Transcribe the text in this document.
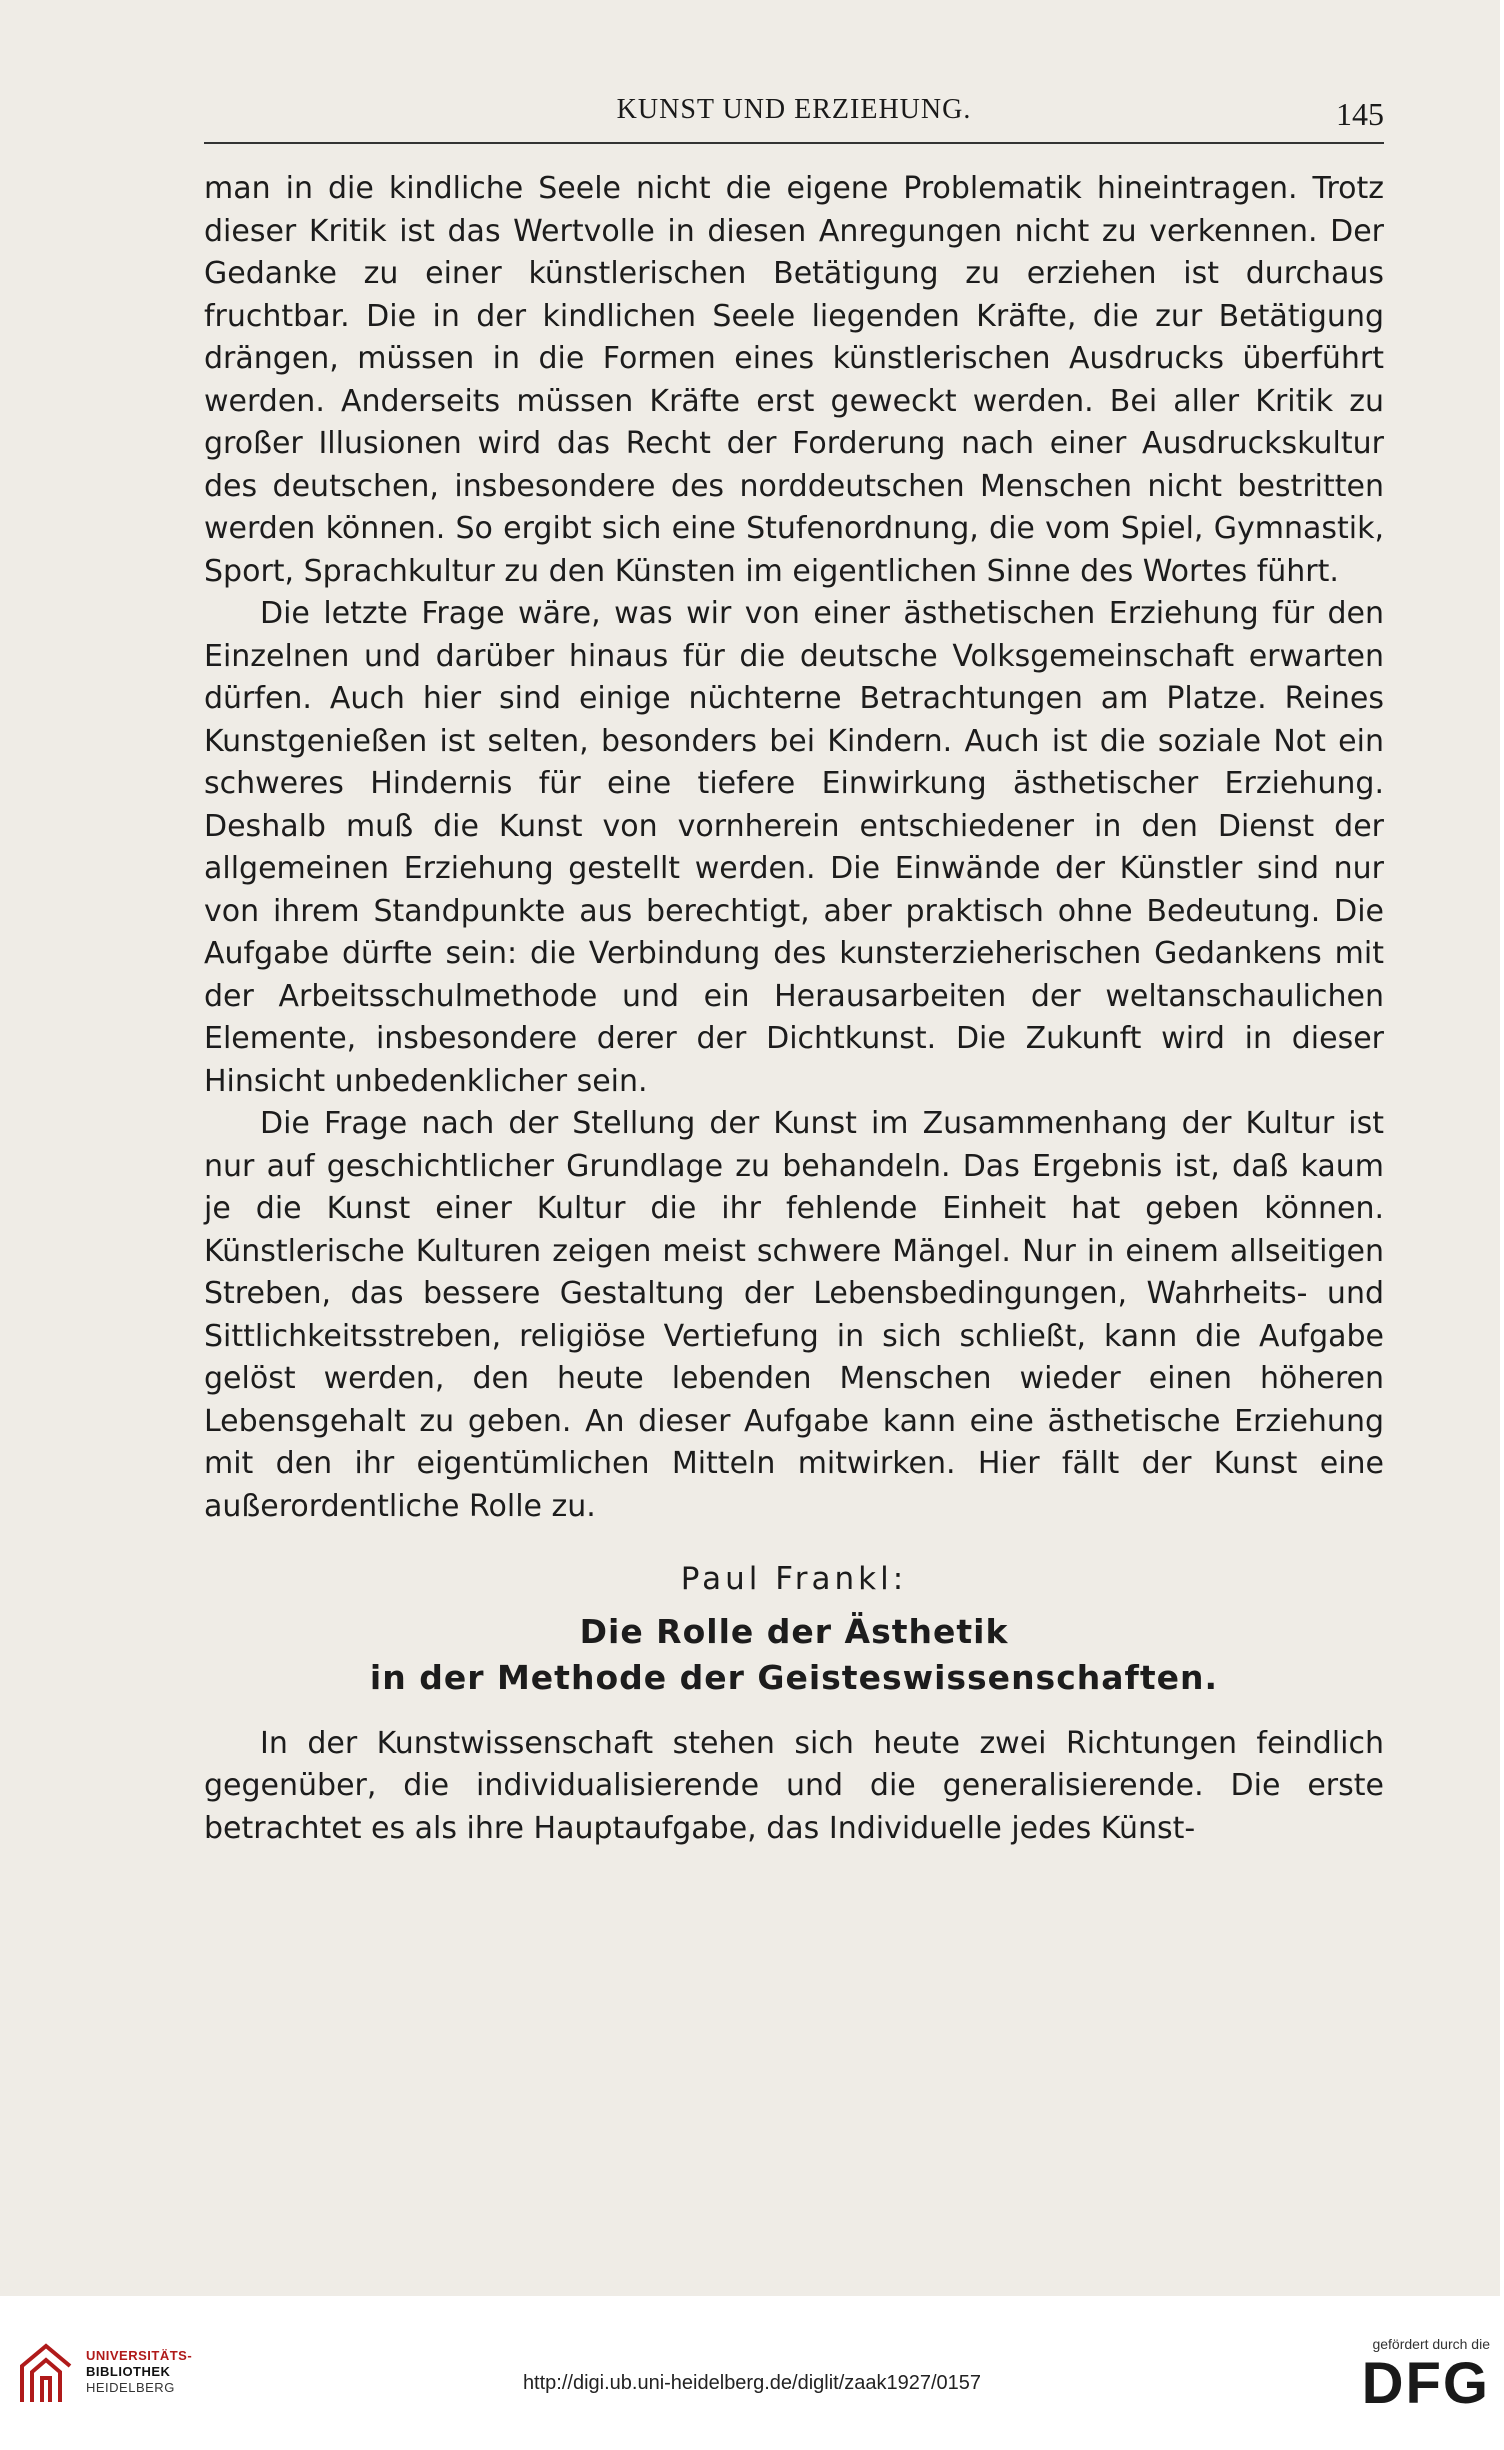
KUNST UND ERZIEHUNG.	145

man in die kindliche Seele nicht die eigene Problematik hineintragen. Trotz dieser Kritik ist das Wertvolle in diesen Anregungen nicht zu verkennen. Der Gedanke zu einer künstlerischen Betätigung zu erziehen ist durchaus fruchtbar. Die in der kindlichen Seele liegenden Kräfte, die zur Betätigung drängen, müssen in die Formen eines künstlerischen Ausdrucks überführt werden. Anderseits müssen Kräfte erst geweckt werden. Bei aller Kritik zu großer Illusionen wird das Recht der Forderung nach einer Ausdruckskultur des deutschen, insbesondere des norddeutschen Menschen nicht bestritten werden können. So ergibt sich eine Stufenordnung, die vom Spiel, Gymnastik, Sport, Sprachkultur zu den Künsten im eigentlichen Sinne des Wortes führt.

Die letzte Frage wäre, was wir von einer ästhetischen Erziehung für den Einzelnen und darüber hinaus für die deutsche Volksgemeinschaft erwarten dürfen. Auch hier sind einige nüchterne Betrachtungen am Platze. Reines Kunstgenießen ist selten, besonders bei Kindern. Auch ist die soziale Not ein schweres Hindernis für eine tiefere Einwirkung ästhetischer Erziehung. Deshalb muß die Kunst von vornherein entschiedener in den Dienst der allgemeinen Erziehung gestellt werden. Die Einwände der Künstler sind nur von ihrem Standpunkte aus berechtigt, aber praktisch ohne Bedeutung. Die Aufgabe dürfte sein: die Verbindung des kunsterzieherischen Gedankens mit der Arbeitsschulmethode und ein Herausarbeiten der weltanschaulichen Elemente, insbesondere derer der Dichtkunst. Die Zukunft wird in dieser Hinsicht unbedenklicher sein.

Die Frage nach der Stellung der Kunst im Zusammenhang der Kultur ist nur auf geschichtlicher Grundlage zu behandeln. Das Ergebnis ist, daß kaum je die Kunst einer Kultur die ihr fehlende Einheit hat geben können. Künstlerische Kulturen zeigen meist schwere Mängel. Nur in einem allseitigen Streben, das bessere Gestaltung der Lebensbedingungen, Wahrheits- und Sittlichkeitsstreben, religiöse Vertiefung in sich schließt, kann die Aufgabe gelöst werden, den heute lebenden Menschen wieder einen höheren Lebensgehalt zu geben. An dieser Aufgabe kann eine ästhetische Erziehung mit den ihr eigentümlichen Mitteln mitwirken. Hier fällt der Kunst eine außerordentliche Rolle zu.

Paul Frankl:

Die Rolle der Ästhetik
in der Methode der Geisteswissenschaften.

In der Kunstwissenschaft stehen sich heute zwei Richtungen feindlich gegenüber, die individualisierende und die generalisierende. Die erste betrachtet es als ihre Hauptaufgabe, das Individuelle jedes Künst-

UNIVERSITÄTS-
BIBLIOTHEK
HEIDELBERG	http://digi.ub.uni-heidelberg.de/diglit/zaak1927/0157
gefördert durch die
DFG
